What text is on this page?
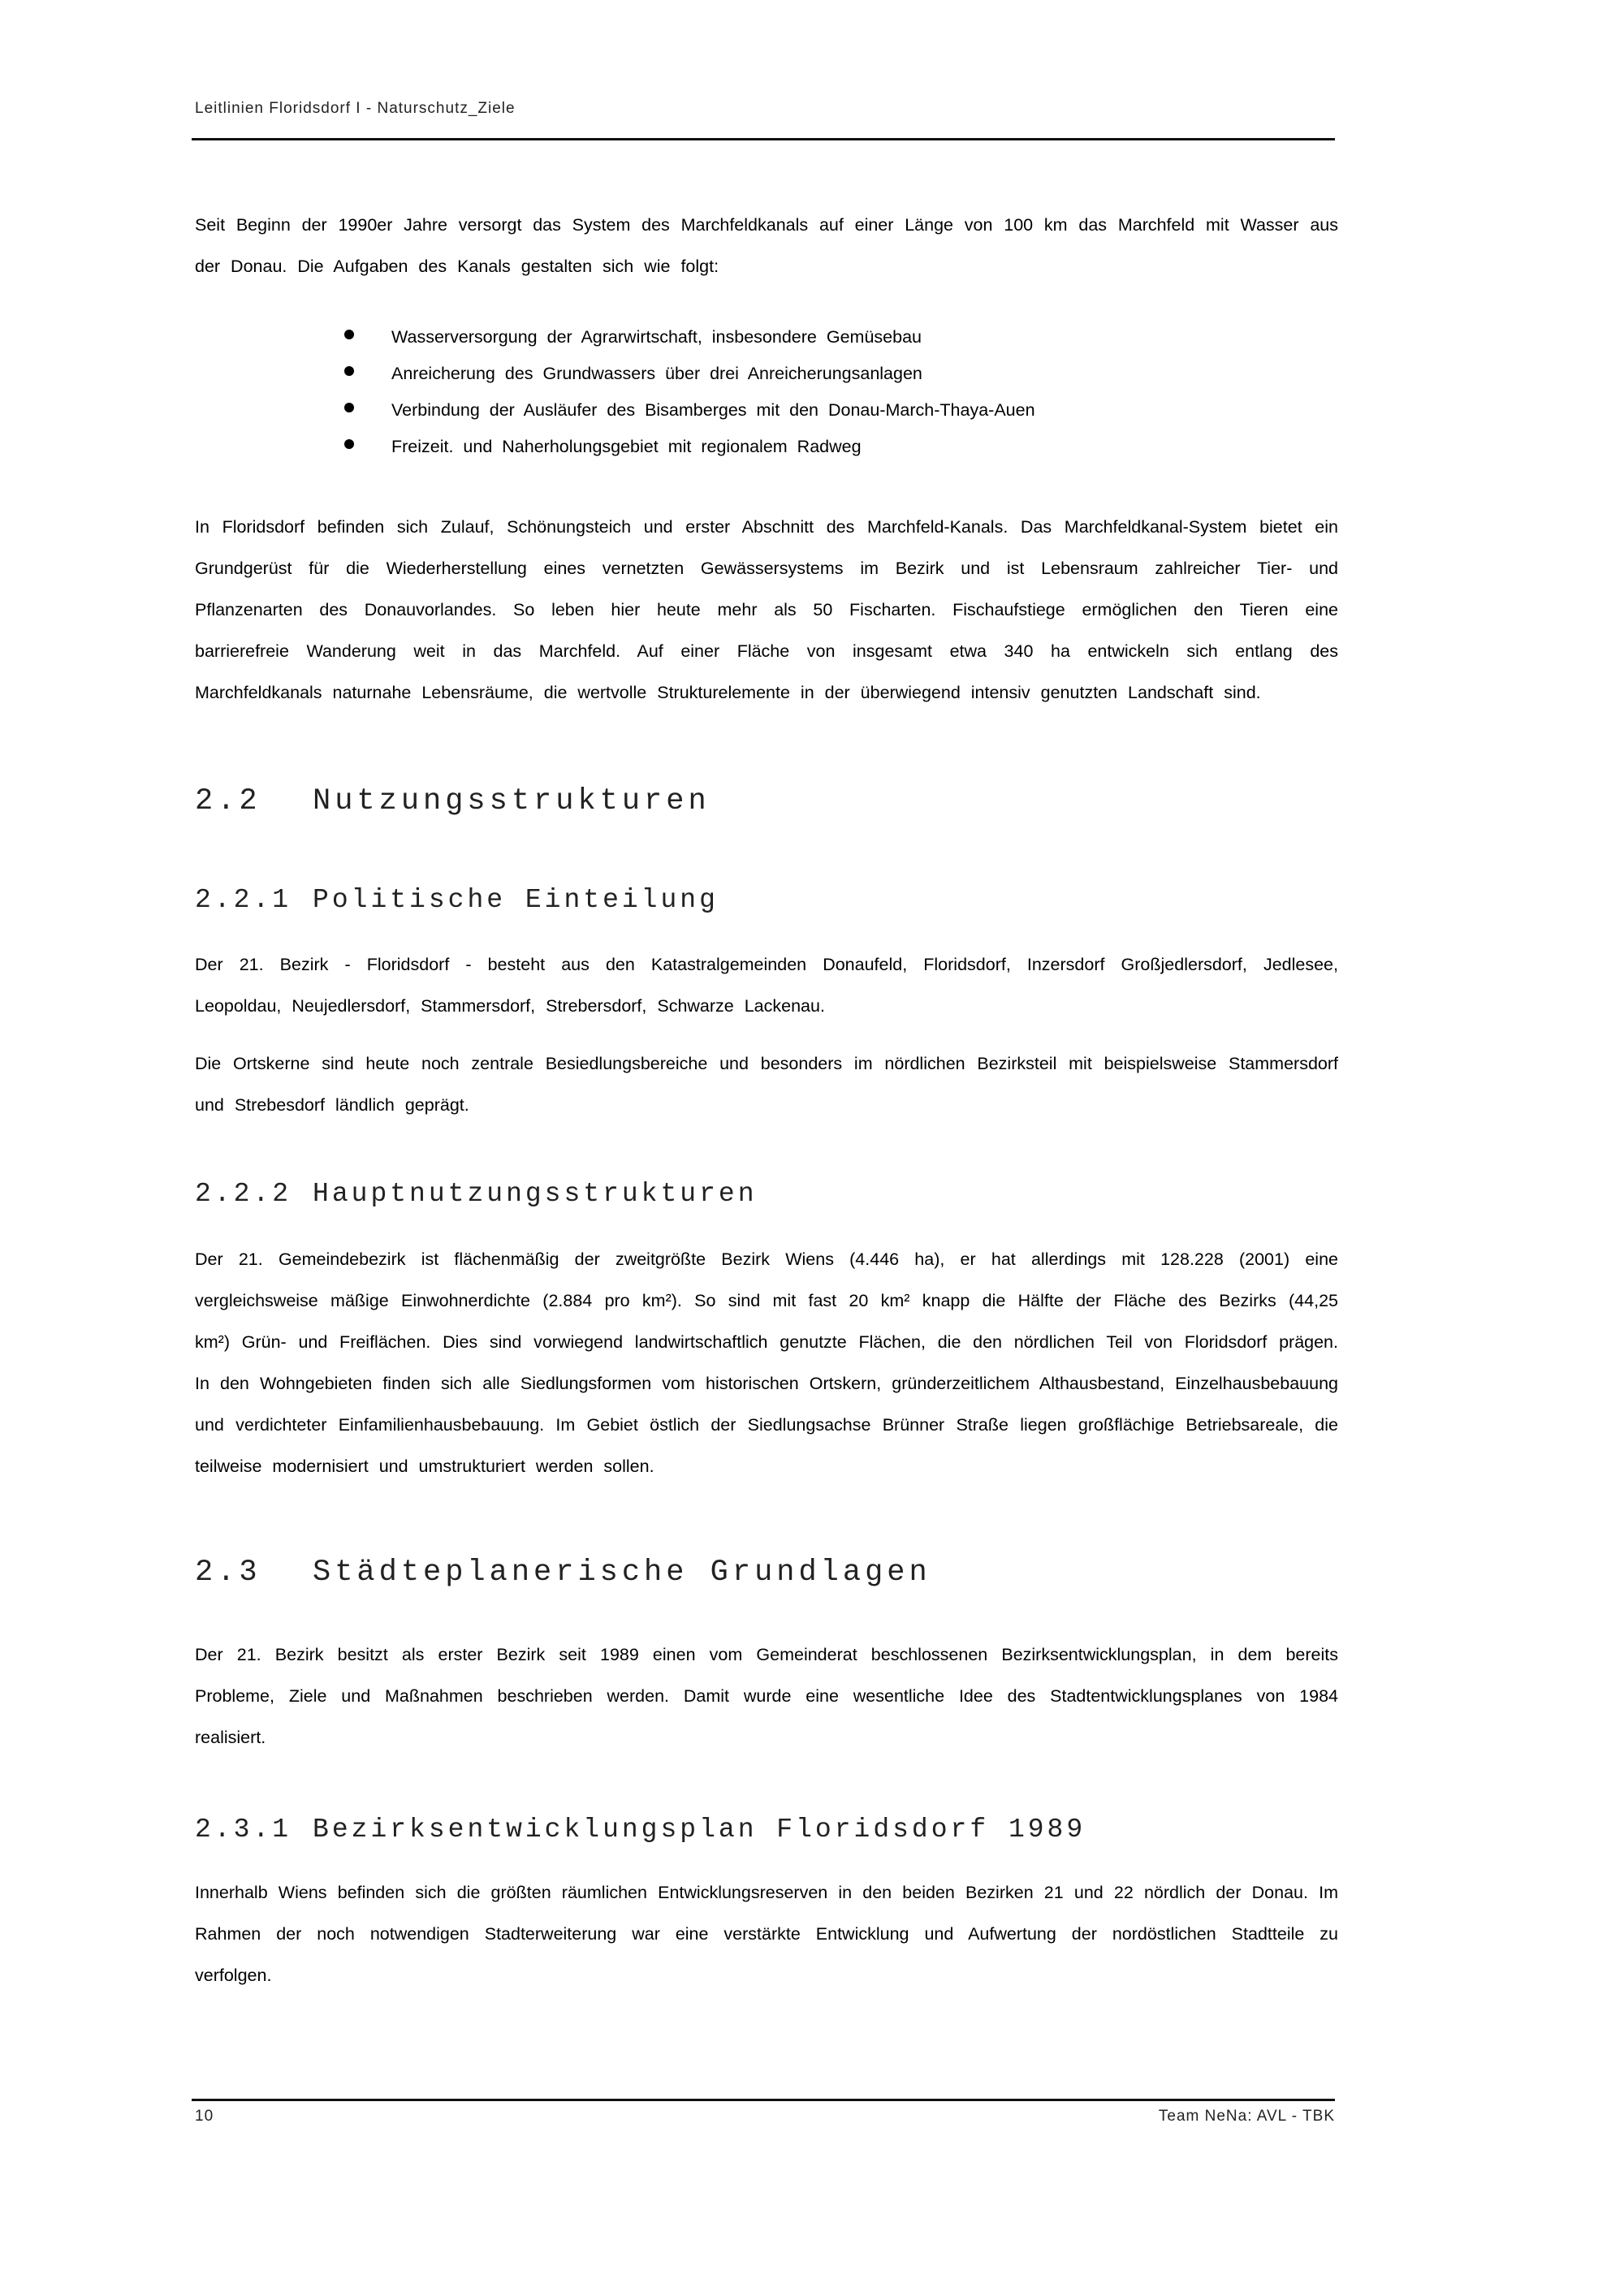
Leitlinien Floridsdorf I - Naturschutz_Ziele

Seit Beginn der 1990er Jahre versorgt das System des Marchfeldkanals auf einer Länge von 100 km das Marchfeld mit Wasser aus der Donau. Die Aufgaben des Kanals gestalten sich wie folgt:

Wasserversorgung der Agrarwirtschaft, insbesondere Gemüsebau
Anreicherung des Grundwassers über drei Anreicherungsanlagen
Verbindung der Ausläufer des Bisamberges mit den Donau-March-Thaya-Auen
Freizeit. und Naherholungsgebiet mit regionalem Radweg

In Floridsdorf befinden sich Zulauf, Schönungsteich und erster Abschnitt des Marchfeld-Kanals. Das Marchfeldkanal-System bietet ein Grundgerüst für die Wiederherstellung eines vernetzten Gewässersystems im Bezirk und ist Lebensraum zahlreicher Tier- und Pflanzenarten des Donauvorlandes. So leben hier heute mehr als 50 Fischarten. Fischaufstiege ermöglichen den Tieren eine barrierefreie Wanderung weit in das Marchfeld. Auf einer Fläche von insgesamt etwa 340 ha entwickeln sich entlang des Marchfeldkanals naturnahe Lebensräume, die wertvolle Strukturelemente in der überwiegend intensiv genutzten Landschaft sind.

2.2 Nutzungsstrukturen
2.2.1 Politische Einteilung

Der 21. Bezirk - Floridsdorf - besteht aus den Katastralgemeinden Donaufeld, Floridsdorf, Inzersdorf Großjedlersdorf, Jedlesee, Leopoldau, Neujedlersdorf, Stammersdorf, Strebersdorf, Schwarze Lackenau.

Die Ortskerne sind heute noch zentrale Besiedlungsbereiche und besonders im nördlichen Bezirksteil mit beispielsweise Stammersdorf und Strebesdorf ländlich geprägt.

2.2.2 Hauptnutzungsstrukturen

Der 21. Gemeindebezirk ist flächenmäßig der zweitgrößte Bezirk Wiens (4.446 ha), er hat allerdings mit 128.228 (2001) eine vergleichsweise mäßige Einwohnerdichte (2.884 pro km²). So sind mit fast 20 km² knapp die Hälfte der Fläche des Bezirks (44,25 km²) Grün- und Freiflächen. Dies sind vorwiegend landwirtschaftlich genutzte Flächen, die den nördlichen Teil von Floridsdorf prägen. In den Wohngebieten finden sich alle Siedlungsformen vom historischen Ortskern, gründerzeitlichem Althausbestand, Einzelhausbebauung und verdichteter Einfamilienhausbebauung. Im Gebiet östlich der Siedlungsachse Brünner Straße liegen großflächige Betriebsareale, die teilweise modernisiert und umstrukturiert werden sollen.

2.3 Städteplanerische Grundlagen

Der 21. Bezirk besitzt als erster Bezirk seit 1989 einen vom Gemeinderat beschlossenen Bezirksentwicklungsplan, in dem bereits Probleme, Ziele und Maßnahmen beschrieben werden. Damit wurde eine wesentliche Idee des Stadtentwicklungsplanes von 1984 realisiert.

2.3.1 Bezirksentwicklungsplan Floridsdorf 1989

Innerhalb Wiens befinden sich die größten räumlichen Entwicklungsreserven in den beiden Bezirken 21 und 22 nördlich der Donau. Im Rahmen der noch notwendigen Stadterweiterung war eine verstärkte Entwicklung und Aufwertung der nordöstlichen Stadtteile zu verfolgen.

10	Team NeNa: AVL - TBK
